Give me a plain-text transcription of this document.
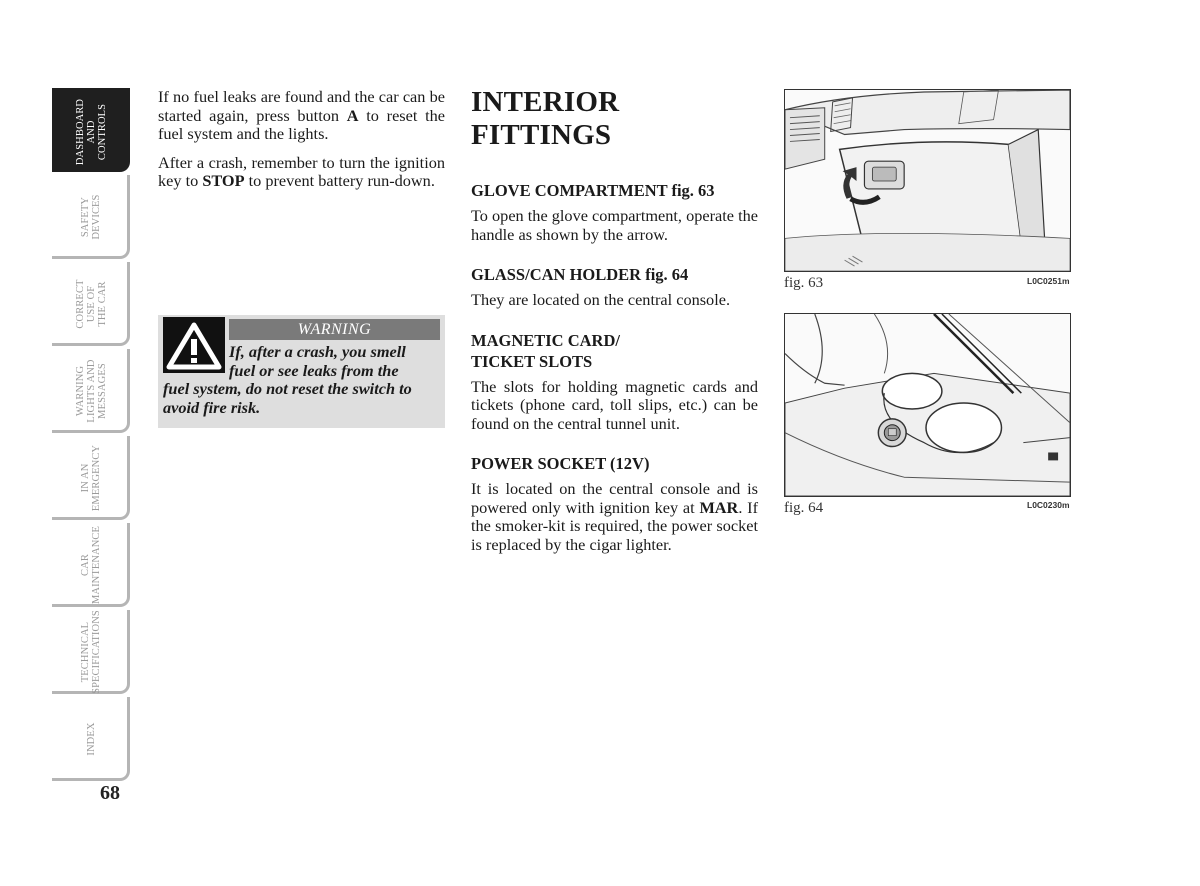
DASHBOARD
AND CONTROLS
SAFETY
DEVICES
CORRECT
USE OF
THE CAR
WARNING
LIGHTS AND
MESSAGES
IN AN
EMERGENCY
CAR
MAINTENANCE
TECHNICAL
SPECIFICATIONS
INDEX
68

If no fuel leaks are found and the car can be started again, press button A to reset the fuel system and the lights.

After a crash, remember to turn the ignition key to STOP to prevent battery run-down.

WARNING
If, after a crash, you smell
fuel or see leaks from the
fuel system, do not reset the switch to avoid fire risk.
INTERIOR
FITTINGS
GLOVE COMPARTMENT fig. 63

To open the glove compartment, operate the handle as shown by the arrow.

GLASS/CAN HOLDER fig. 64

They are located on the central console.

MAGNETIC CARD/
TICKET SLOTS

The slots for holding magnetic cards and tickets (phone card, toll slips, etc.) can be found on the central tunnel unit.

POWER SOCKET (12V)

It is located on the central console and is powered only with ignition key at MAR. If the smoker-kit is required, the power socket is replaced by the cigar lighter.

fig. 63	L0C0251m
fig. 64	L0C0230m
